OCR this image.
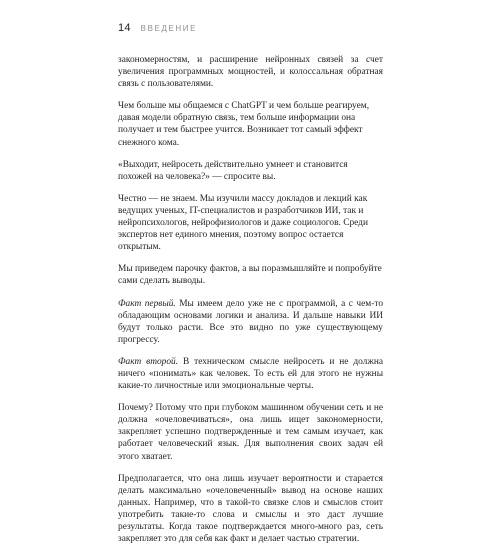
14 ВВЕДЕНИЕ

закономерностям, и расширение нейронных связей за счет увеличения программных мощностей, и колоссальная обратная связь с пользователями.

Чем больше мы общаемся с ChatGPT и чем больше реагируем, давая модели обратную связь, тем больше информации она получает и тем быстрее учится. Возникает тот самый эффект снежного кома.

«Выходит, нейросеть действительно умнеет и становится похожей на человека?» — спросите вы.

Честно — не знаем. Мы изучили массу докладов и лекций как ведущих ученых, IT-специалистов и разработчиков ИИ, так и нейропсихологов, нейрофизиологов и даже социологов. Среди экспертов нет единого мнения, поэтому вопрос остается открытым.

Мы приведем парочку фактов, а вы поразмышляйте и попробуйте сами сделать выводы.

Факт первый. Мы имеем дело уже не с программой, а с чем-то обладающим основами логики и анализа. И дальше навыки ИИ будут только расти. Все это видно по уже существующему прогрессу.

Факт второй. В техническом смысле нейросеть и не должна ничего «понимать» как человек. То есть ей для этого не нужны какие-то личностные или эмоциональные черты.

Почему? Потому что при глубоком машинном обучении сеть и не должна «очеловечиваться», она лишь ищет закономерности, закрепляет успешно подтвержденные и тем самым изучает, как работает человеческий язык. Для выполнения своих задач ей этого хватает.

Предполагается, что она лишь изучает вероятности и старается делать максимально «очеловеченный» вывод на основе наших данных. Например, что в такой-то связке слов и смыслов стоит употребить такие-то слова и смыслы и это даст лучшие результаты. Когда такое подтверждается много-много раз, сеть закрепляет это для себя как факт и делает частью стратегии.
